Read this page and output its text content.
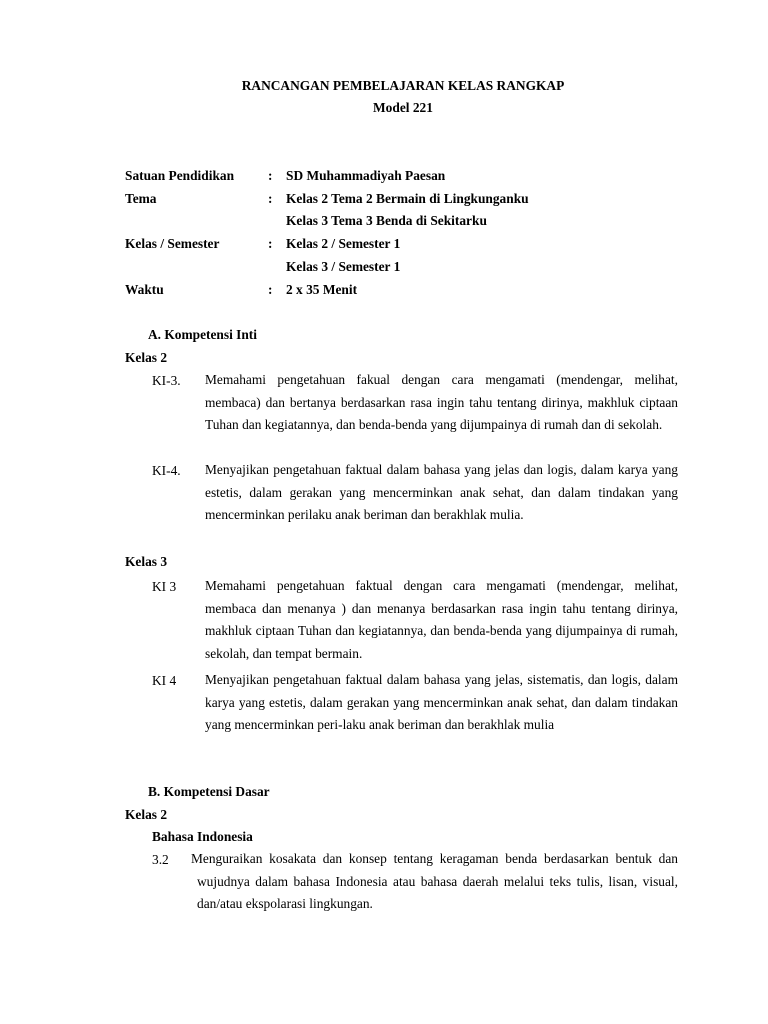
RANCANGAN PEMBELAJARAN KELAS RANGKAP
Model 221
Satuan Pendidikan	: SD Muhammadiyah Paesan
Tema	: Kelas 2 Tema 2 Bermain di Lingkunganku
Kelas 3 Tema 3 Benda di Sekitarku
Kelas / Semester	: Kelas 2 / Semester 1
Kelas 3 / Semester 1
Waktu	: 2 x 35 Menit
A. Kompetensi Inti
Kelas 2
KI-3. Memahami pengetahuan fakual dengan cara mengamati (mendengar, melihat, membaca) dan bertanya berdasarkan rasa ingin tahu tentang dirinya, makhluk ciptaan Tuhan dan kegiatannya, dan benda-benda yang dijumpainya di rumah dan di sekolah.
KI-4. Menyajikan pengetahuan faktual dalam bahasa yang jelas dan logis, dalam karya yang estetis, dalam gerakan yang mencerminkan anak sehat, dan dalam tindakan yang mencerminkan perilaku anak beriman dan berakhlak mulia.
Kelas 3
KI 3 Memahami pengetahuan faktual dengan cara mengamati (mendengar, melihat, membaca dan menanya ) dan menanya berdasarkan rasa ingin tahu tentang dirinya, makhluk ciptaan Tuhan dan kegiatannya, dan benda-benda yang dijumpainya di rumah, sekolah, dan tempat bermain.
KI 4 Menyajikan pengetahuan faktual dalam bahasa yang jelas, sistematis, dan logis, dalam karya yang estetis, dalam gerakan yang mencerminkan anak sehat, dan dalam tindakan yang mencerminkan peri-laku anak beriman dan berakhlak mulia
B. Kompetensi Dasar
Kelas 2
Bahasa Indonesia
3.2 Menguraikan kosakata dan konsep tentang keragaman benda berdasarkan bentuk dan wujudnya dalam bahasa Indonesia atau bahasa daerah melalui teks tulis, lisan, visual, dan/atau ekspolarasi lingkungan.
